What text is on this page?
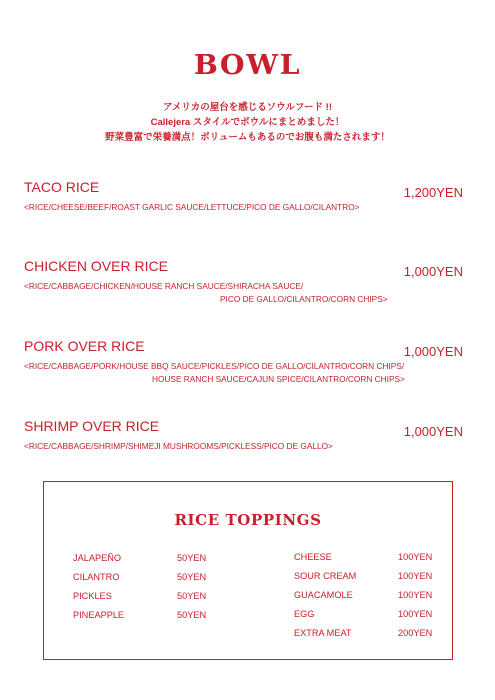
BOWL
アメリカの屋台を感じるソウルフード !!
Callejera スタイルでボウルにまとめました！
野菜豊富で栄養満点！ボリュームもあるのでお腹も満たされます！
TACO RICE	1,200YEN
<RICE/CHEESE/BEEF/ROAST GARLIC SAUCE/LETTUCE/PICO DE GALLO/CILANTRO>
CHICKEN OVER RICE	1,000YEN
<RICE/CABBAGE/CHICKEN/HOUSE RANCH SAUCE/SHIRACHA SAUCE/
PICO DE GALLO/CILANTRO/CORN CHIPS>
PORK OVER RICE	1,000YEN
<RICE/CABBAGE/PORK/HOUSE BBQ SAUCE/PICKLES/PICO DE GALLO/CILANTRO/CORN CHIPS/
HOUSE RANCH SAUCE/CAJUN SPICE/CILANTRO/CORN CHIPS>
SHRIMP OVER RICE	1,000YEN
<RICE/CABBAGE/SHRIMP/SHIMEJI MUSHROOMS/PICKLESS/PICO DE GALLO>
RICE TOPPINGS
JALAPEÑO	50YEN
CILANTRO	50YEN
PICKLES	50YEN
PINEAPPLE	50YEN
CHEESE	100YEN
SOUR CREAM	100YEN
GUACAMOLE	100YEN
EGG	100YEN
EXTRA MEAT	200YEN
